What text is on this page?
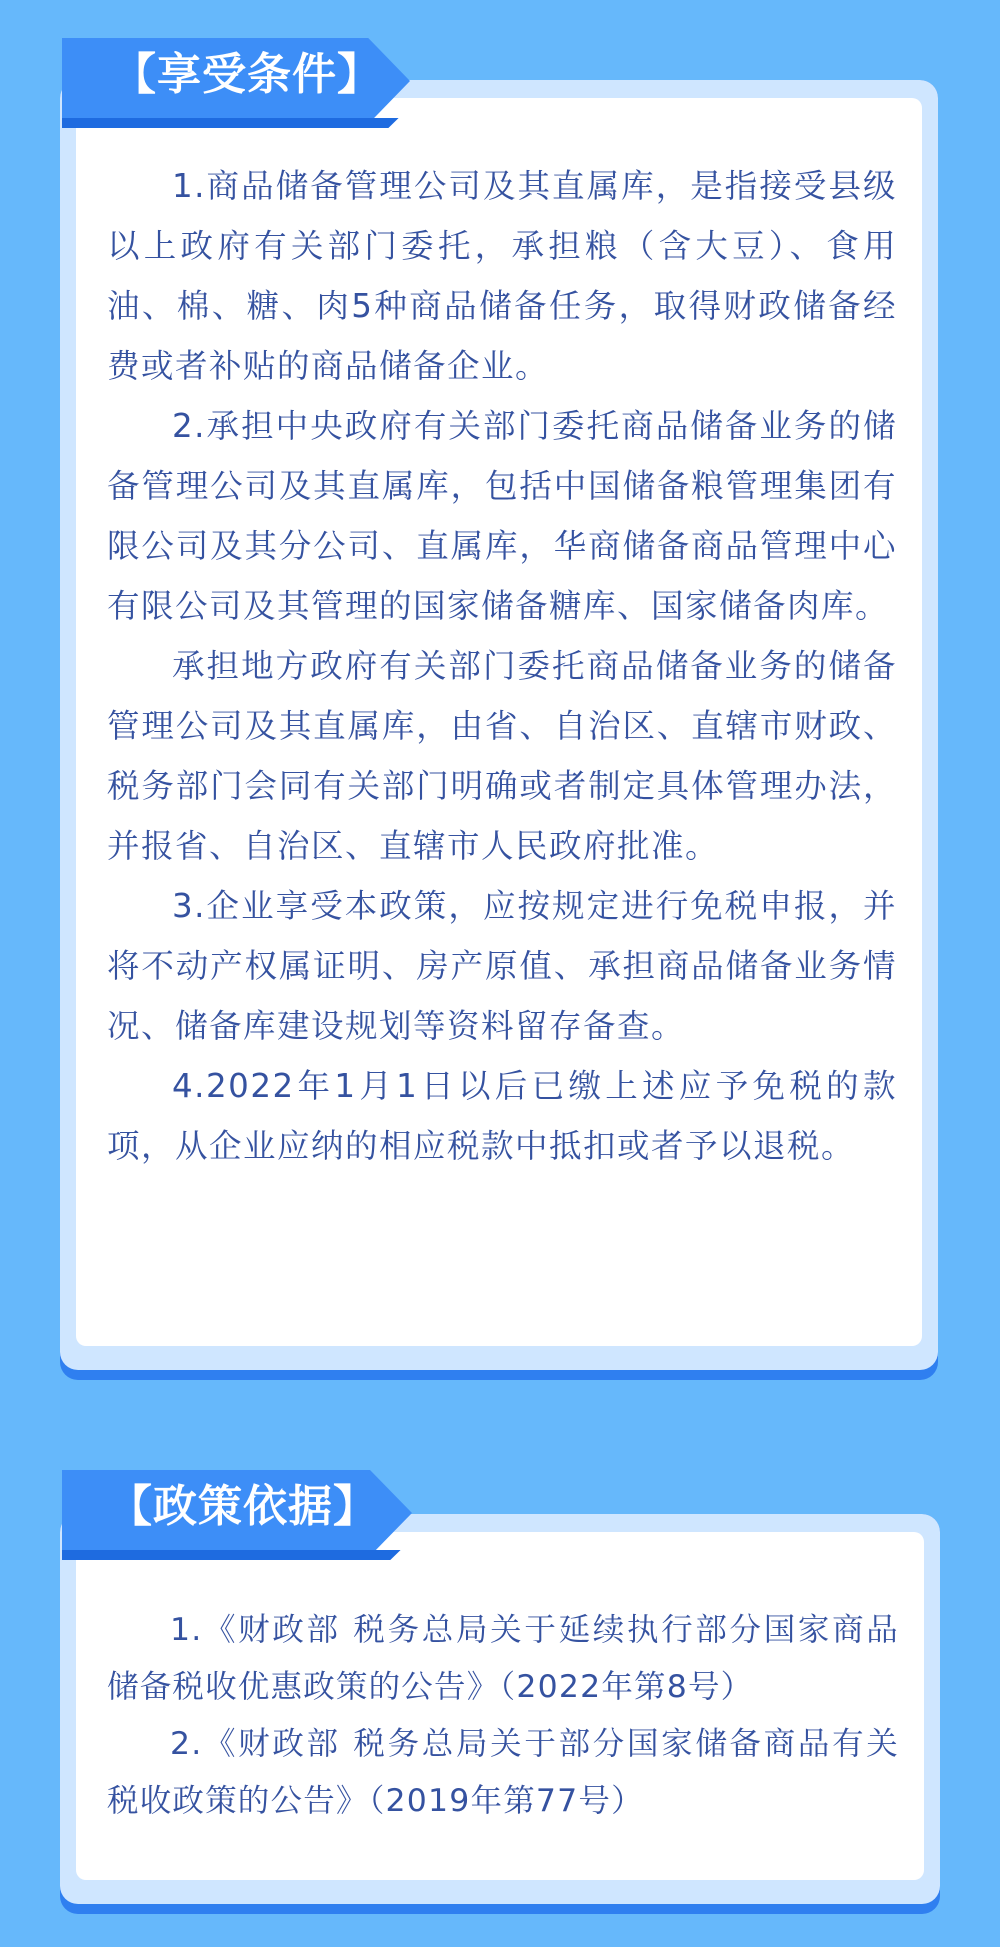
【享受条件】

1.商品储备管理公司及其直属库，是指接受县级以上政府有关部门委托，承担粮（含大豆）、食用油、棉、糖、肉5种商品储备任务，取得财政储备经费或者补贴的商品储备企业。

2.承担中央政府有关部门委托商品储备业务的储备管理公司及其直属库，包括中国储备粮管理集团有限公司及其分公司、直属库，华商储备商品管理中心有限公司及其管理的国家储备糖库、国家储备肉库。

承担地方政府有关部门委托商品储备业务的储备管理公司及其直属库，由省、自治区、直辖市财政、税务部门会同有关部门明确或者制定具体管理办法，并报省、自治区、直辖市人民政府批准。

3.企业享受本政策，应按规定进行免税申报，并将不动产权属证明、房产原值、承担商品储备业务情况、储备库建设规划等资料留存备查。

4.2022年1月1日以后已缴上述应予免税的款项，从企业应纳的相应税款中抵扣或者予以退税。

【政策依据】

1.《财政部 税务总局关于延续执行部分国家商品储备税收优惠政策的公告》（2022年第8号）

2.《财政部 税务总局关于部分国家储备商品有关税收政策的公告》（2019年第77号）
